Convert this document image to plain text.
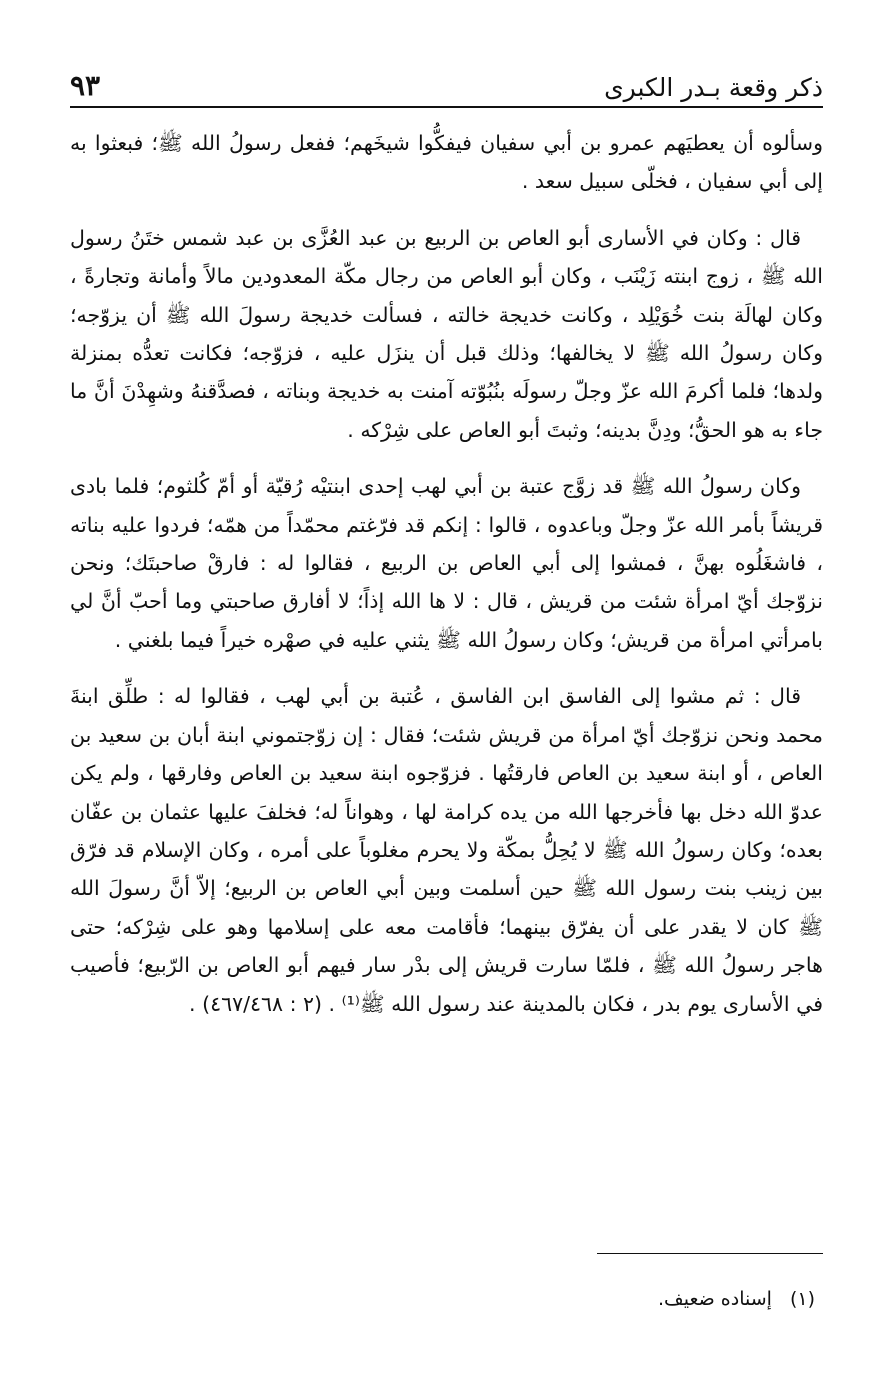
ذكر وقعة بـدر الكبرى
٩٣

وسألوه أن يعطيَهم عمرو بن أبي سفيان فيفكُّوا شيخَهم؛ ففعل رسولُ الله ﷺ؛ فبعثوا به إلى أبي سفيان ، فخلّى سبيل سعد .

قال : وكان في الأسارى أبو العاص بن الربيع بن عبد العُزَّى بن عبد شمس ختَنُ رسول الله ﷺ ، زوج ابنته زَيْنَب ، وكان أبو العاص من رجال مكّة المعدودين مالاً وأمانة وتجارةً ، وكان لهالَة بنت خُوَيْلِد ، وكانت خديجة خالته ، فسألت خديجة رسولَ الله ﷺ أن يزوّجه؛ وكان رسولُ الله ﷺ لا يخالفها؛ وذلك قبل أن ينزَل عليه ، فزوّجه؛ فكانت تعدُّه بمنزلة ولدها؛ فلما أكرمَ الله عزّ وجلّ رسولَه بنُبُوّته آمنت به خديجة وبناته ، فصدَّقنهُ وشهِدْنَ أنَّ ما جاء به هو الحقُّ؛ ودِنَّ بدينه؛ وثبتَ أبو العاص على شِرْكه .

وكان رسولُ الله ﷺ قد زوَّج عتبة بن أبي لهب إحدى ابنتيْه رُقيّة أو أمّ كُلثوم؛ فلما بادى قريشاً بأمر الله عزّ وجلّ وباعدوه ، قالوا : إنكم قد فرّغتم محمّداً من همّه؛ فردوا عليه بناته ، فاشغَلُوه بهنَّ ، فمشوا إلى أبي العاص بن الربيع ، فقالوا له : فارقْ صاحبتَك؛ ونحن نزوّجك أيّ امرأة شئت من قريش ، قال : لا ها الله إذاً؛ لا أفارق صاحبتي وما أحبّ أنَّ لي بامرأتي امرأة من قريش؛ وكان رسولُ الله ﷺ يثني عليه في صهْره خيراً فيما بلغني .

قال : ثم مشوا إلى الفاسق ابن الفاسق ، عُتبة بن أبي لهب ، فقالوا له : طلِّق ابنةَ محمد ونحن نزوّجك أيّ امرأة من قريش شئت؛ فقال : إن زوّجتموني ابنة أبان بن سعيد بن العاص ، أو ابنة سعيد بن العاص فارقتُها . فزوّجوه ابنة سعيد بن العاص وفارقها ، ولم يكن عدوّ الله دخل بها فأخرجها الله من يده كرامة لها ، وهواناً له؛ فخلفَ عليها عثمان بن عفّان بعده؛ وكان رسولُ الله ﷺ لا يُحِلُّ بمكّة ولا يحرم مغلوباً على أمره ، وكان الإسلام قد فرّق بين زينب بنت رسول الله ﷺ حين أسلمت وبين أبي العاص بن الربيع؛ إلاّ أنَّ رسولَ الله ﷺ كان لا يقدر على أن يفرّق بينهما؛ فأقامت معه على إسلامها وهو على شِرْكه؛ حتى هاجر رسولُ الله ﷺ ، فلمّا سارت قريش إلى بدْر سار فيهم أبو العاص بن الرّبيع؛ فأصيب في الأسارى يوم بدر ، فكان بالمدينة عند رسول الله ﷺ⁽¹⁾ . (٢ : ٤٦٧/٤٦٨) .

(١)
إسناده ضعيف.
